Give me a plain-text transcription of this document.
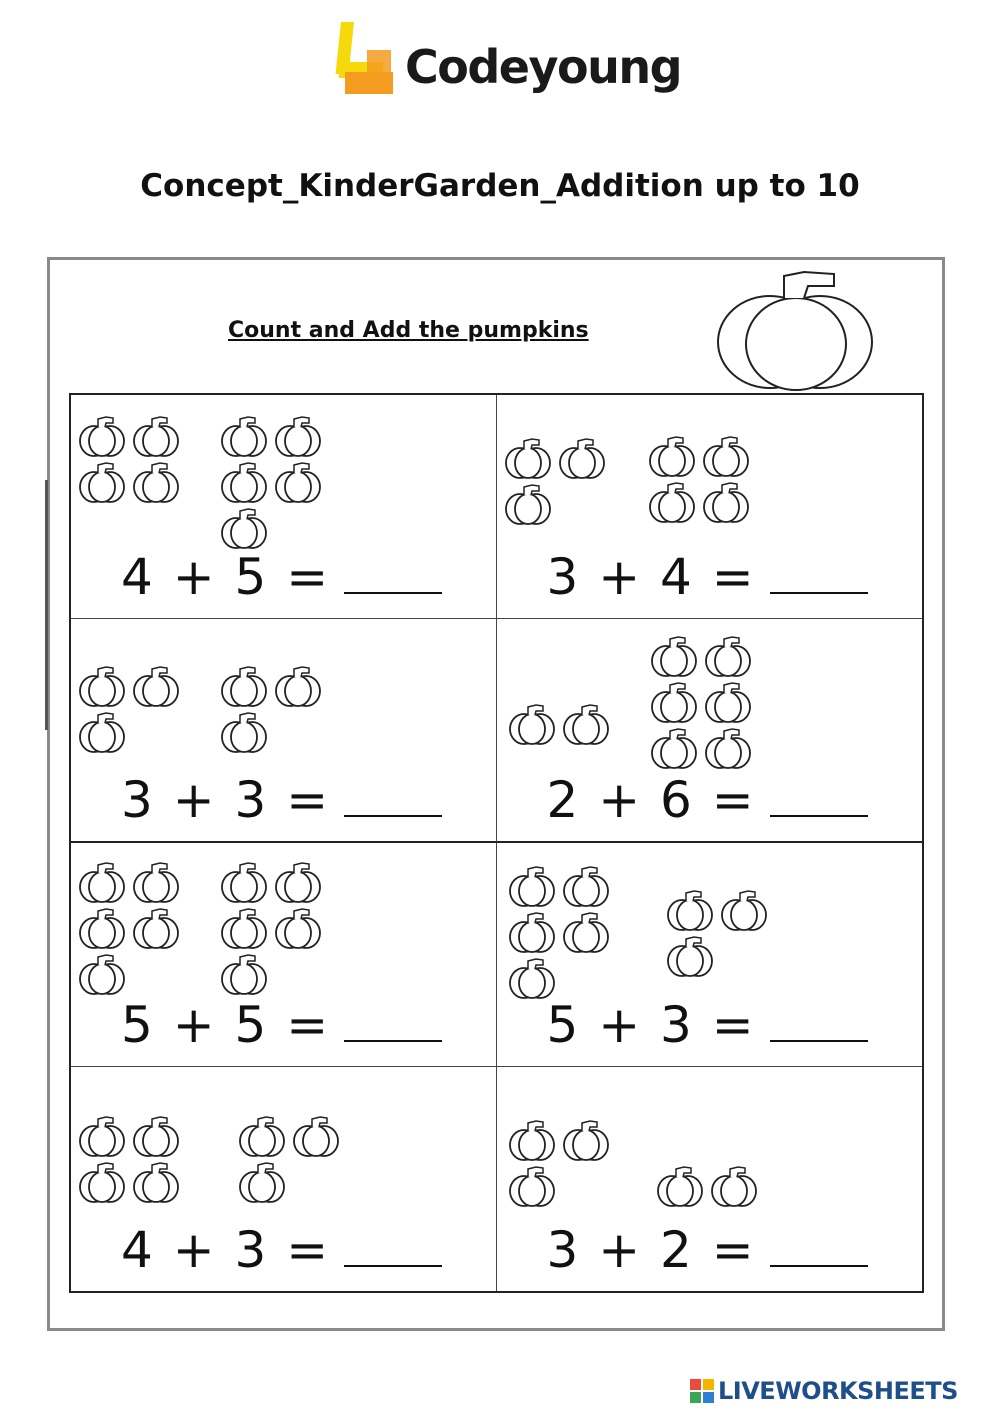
Codeyoung
Concept_KinderGarden_Addition up to 10
Count and Add the pumpkins
4 + 5 =	3 + 4 =
3 + 3 =	2 + 6 =
5 + 5 =	5 + 3 =
4 + 3 =	3 + 2 =
LIVEWORKSHEETS
